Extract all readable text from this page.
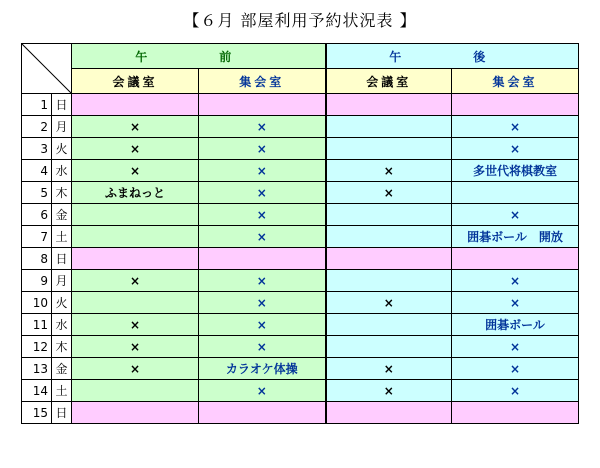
【６月 部屋利用予約状況表 】
	午　前		午　後	
		会議室	集会室	会議室	集会室
1	日				
2	月	×	×		×
3	火	×	×		×
4	水	×	×	×	多世代将棋教室
5	木	ふまねっと	×	×	
6	金		×		×
7	土		×		囲碁ボール　開放
8	日				
9	月	×	×		×
10	火		×	×	×
11	水	×	×		囲碁ボール
12	木	×	×		×
13	金	×	カラオケ体操	×	×
14	土		×	×	×
15	日				
